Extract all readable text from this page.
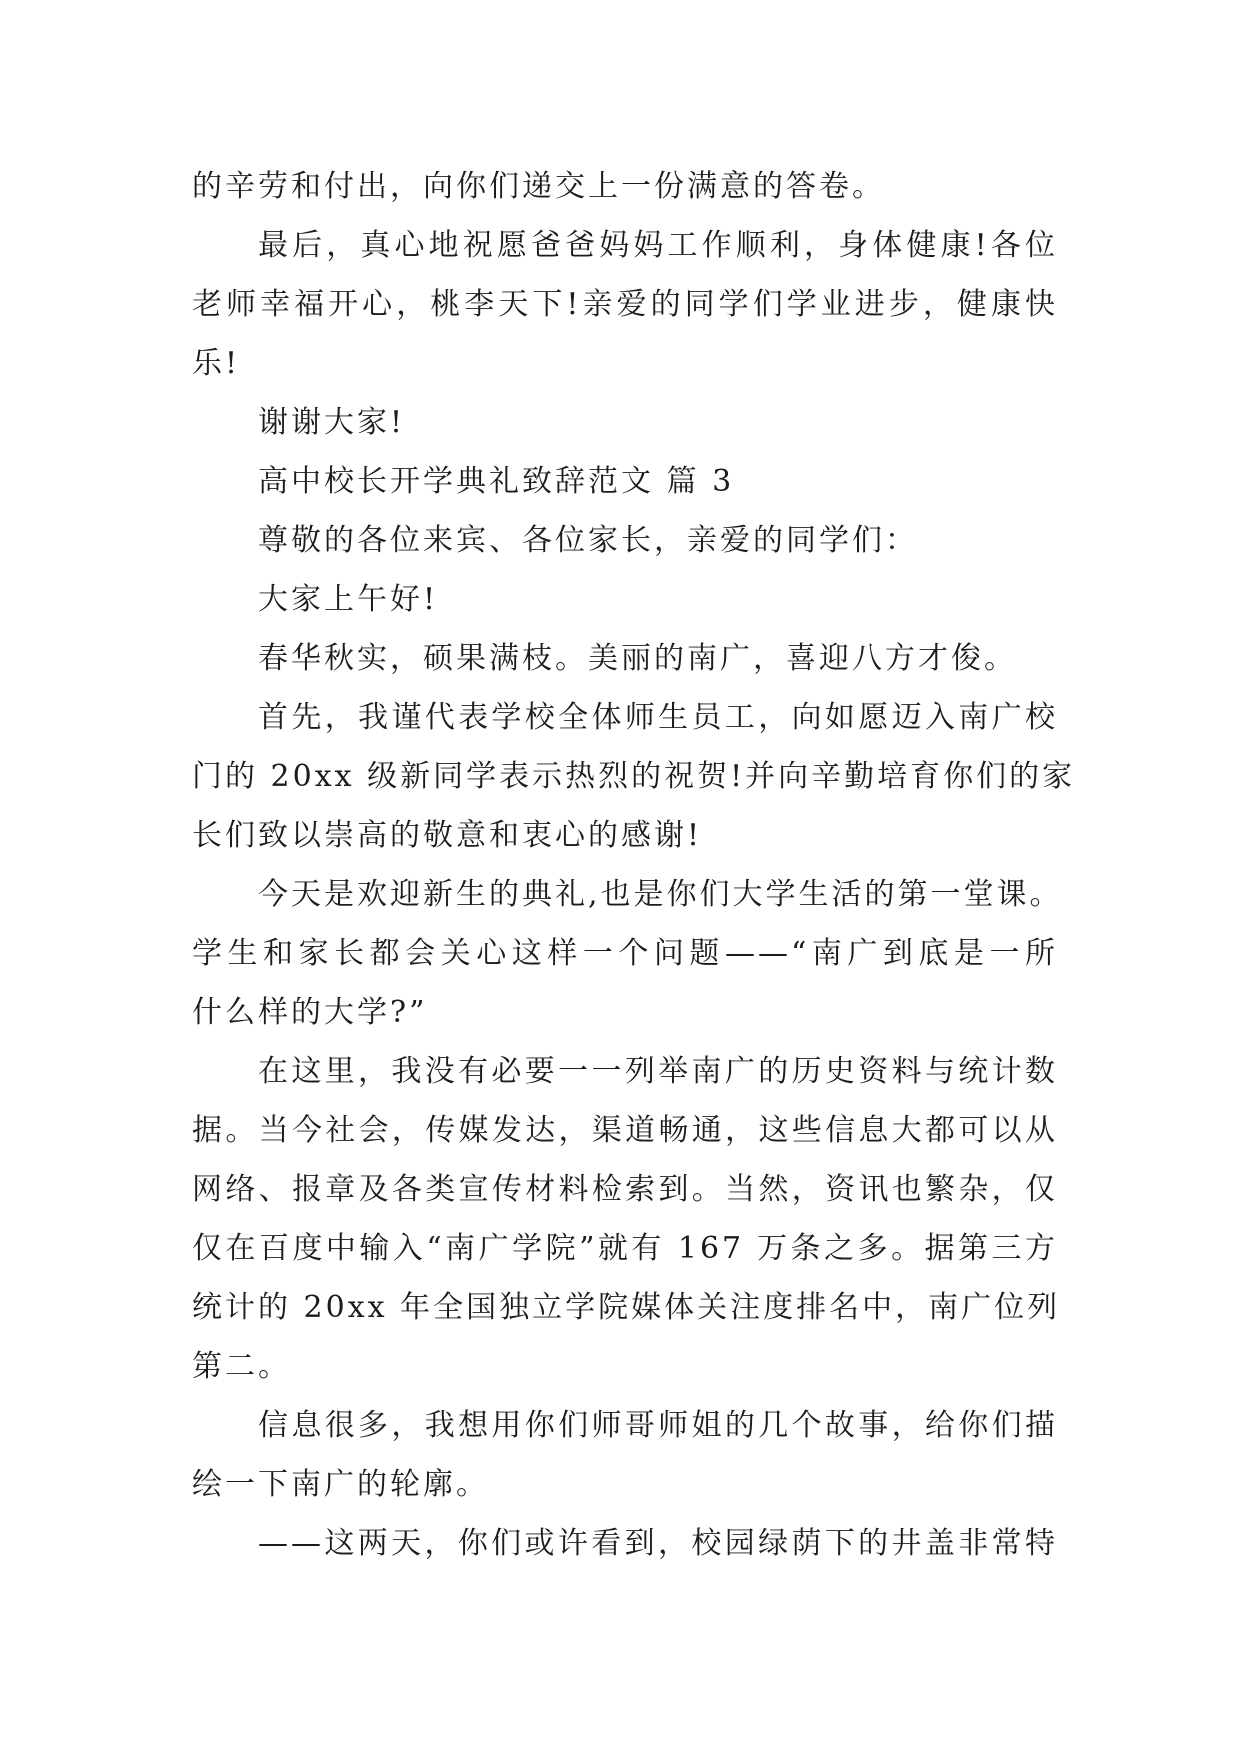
的辛劳和付出，向你们递交上一份满意的答卷。
最后，真心地祝愿爸爸妈妈工作顺利，身体健康!各位
老师幸福开心，桃李天下!亲爱的同学们学业进步，健康快
乐!
谢谢大家!
高中校长开学典礼致辞范文 篇 3
尊敬的各位来宾、各位家长，亲爱的同学们：
大家上午好!
春华秋实，硕果满枝。美丽的南广，喜迎八方才俊。
首先，我谨代表学校全体师生员工，向如愿迈入南广校
门的 20xx 级新同学表示热烈的祝贺!并向辛勤培育你们的家
长们致以崇高的敬意和衷心的感谢!
今天是欢迎新生的典礼,也是你们大学生活的第一堂课。
学生和家长都会关心这样一个问题——“南广到底是一所
什么样的大学?”
在这里，我没有必要一一列举南广的历史资料与统计数
据。当今社会，传媒发达，渠道畅通，这些信息大都可以从
网络、报章及各类宣传材料检索到。当然，资讯也繁杂，仅
仅在百度中输入“南广学院”就有 167 万条之多。据第三方
统计的 20xx 年全国独立学院媒体关注度排名中，南广位列
第二。
信息很多，我想用你们师哥师姐的几个故事，给你们描
绘一下南广的轮廓。
——这两天，你们或许看到，校园绿荫下的井盖非常特
